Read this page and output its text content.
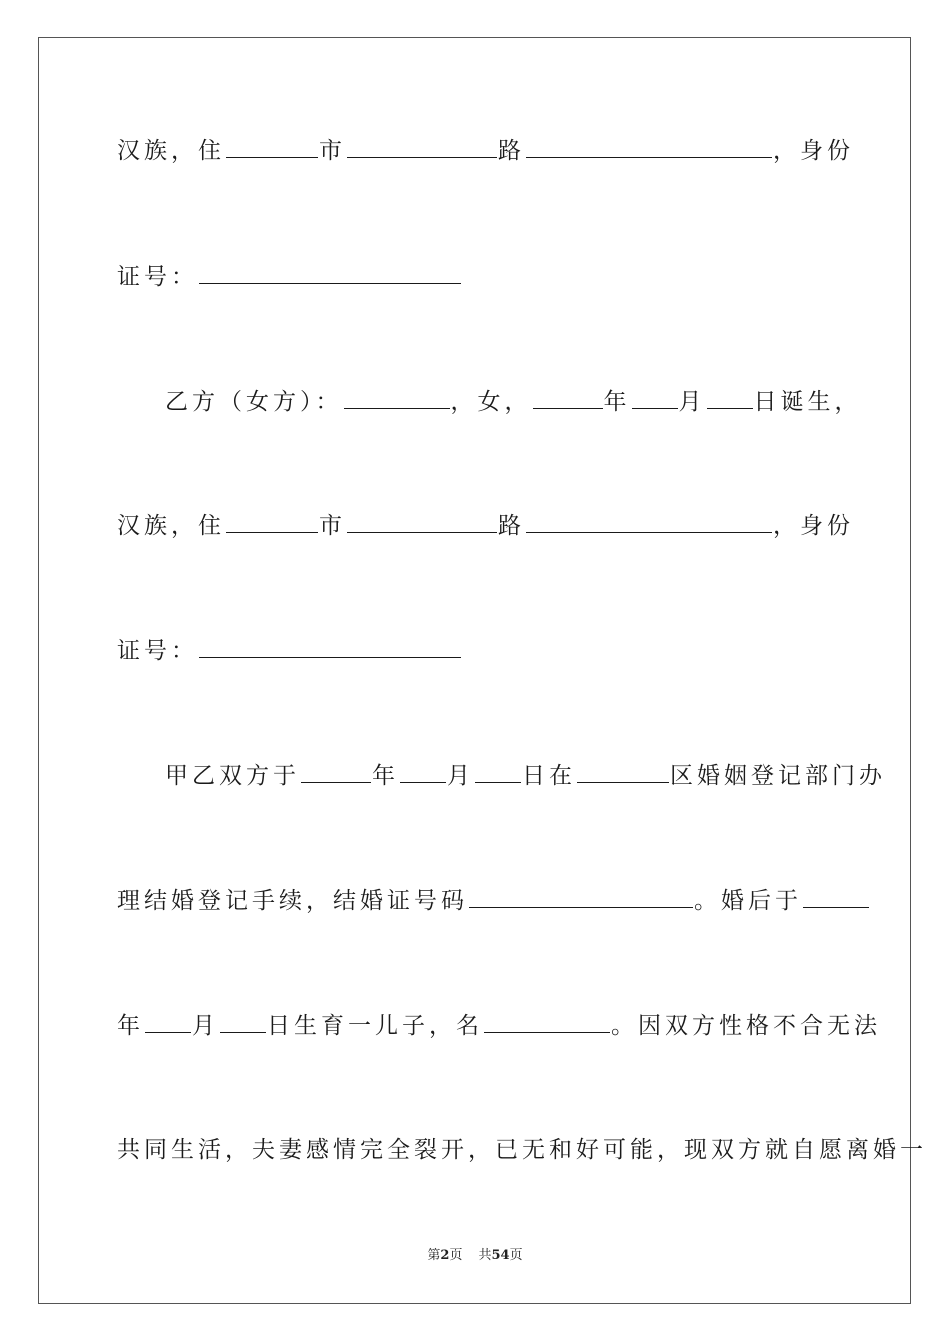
汉族，住	市	路	，身份
证号：
乙方（女方）：	，女，	年 月 日诞生，
汉族，住	市	路	，身份
证号：
甲乙双方于	年 月 日在	区婚姻登记部门办
理结婚登记手续，结婚证号码	。婚后于
年 月 日生育一儿子，名	。因双方性格不合无法
共同生活，夫妻感情完全裂开，已无和好可能，现双方就自愿离婚一
第2页 共54页
